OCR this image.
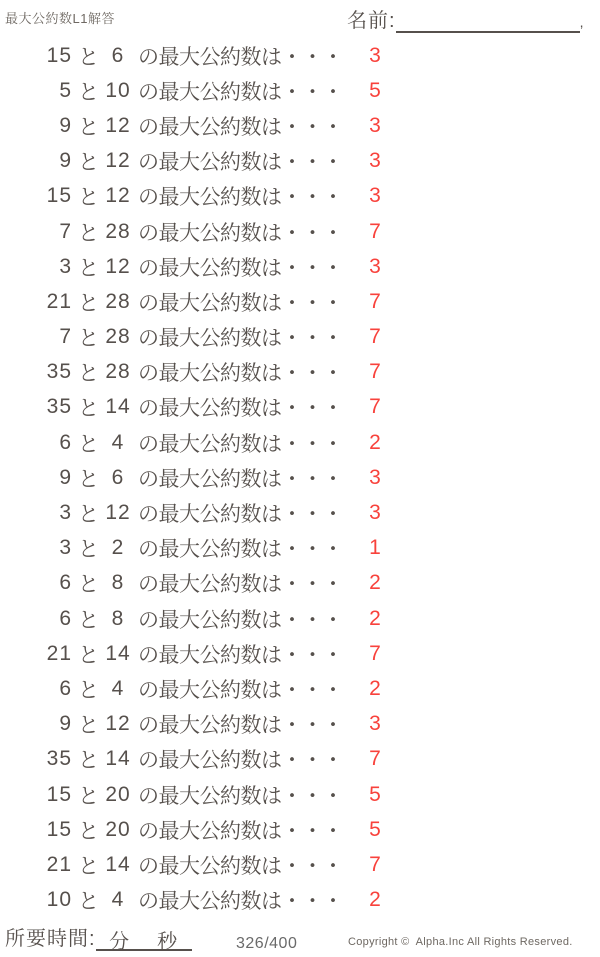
最大公約数L1解答	名前:	,
15 と 6 の最大公約数は・・・	3
5 と 10 の最大公約数は・・・	5
9 と 12 の最大公約数は・・・	3
9 と 12 の最大公約数は・・・	3
15 と 12 の最大公約数は・・・	3
7 と 28 の最大公約数は・・・	7
3 と 12 の最大公約数は・・・	3
21 と 28 の最大公約数は・・・	7
7 と 28 の最大公約数は・・・	7
35 と 28 の最大公約数は・・・	7
35 と 14 の最大公約数は・・・	7
6 と 4 の最大公約数は・・・	2
9 と 6 の最大公約数は・・・	3
3 と 12 の最大公約数は・・・	3
3 と 2 の最大公約数は・・・	1
6 と 8 の最大公約数は・・・	2
6 と 8 の最大公約数は・・・	2
21 と 14 の最大公約数は・・・	7
6 と 4 の最大公約数は・・・	2
9 と 12 の最大公約数は・・・	3
35 と 14 の最大公約数は・・・	7
15 と 20 の最大公約数は・・・	5
15 と 20 の最大公約数は・・・	5
21 と 14 の最大公約数は・・・	7
10 と 4 の最大公約数は・・・	2
所要時間: 分 秒	326/400	Copyright ©  Alpha.Inc All Rights Reserved.
